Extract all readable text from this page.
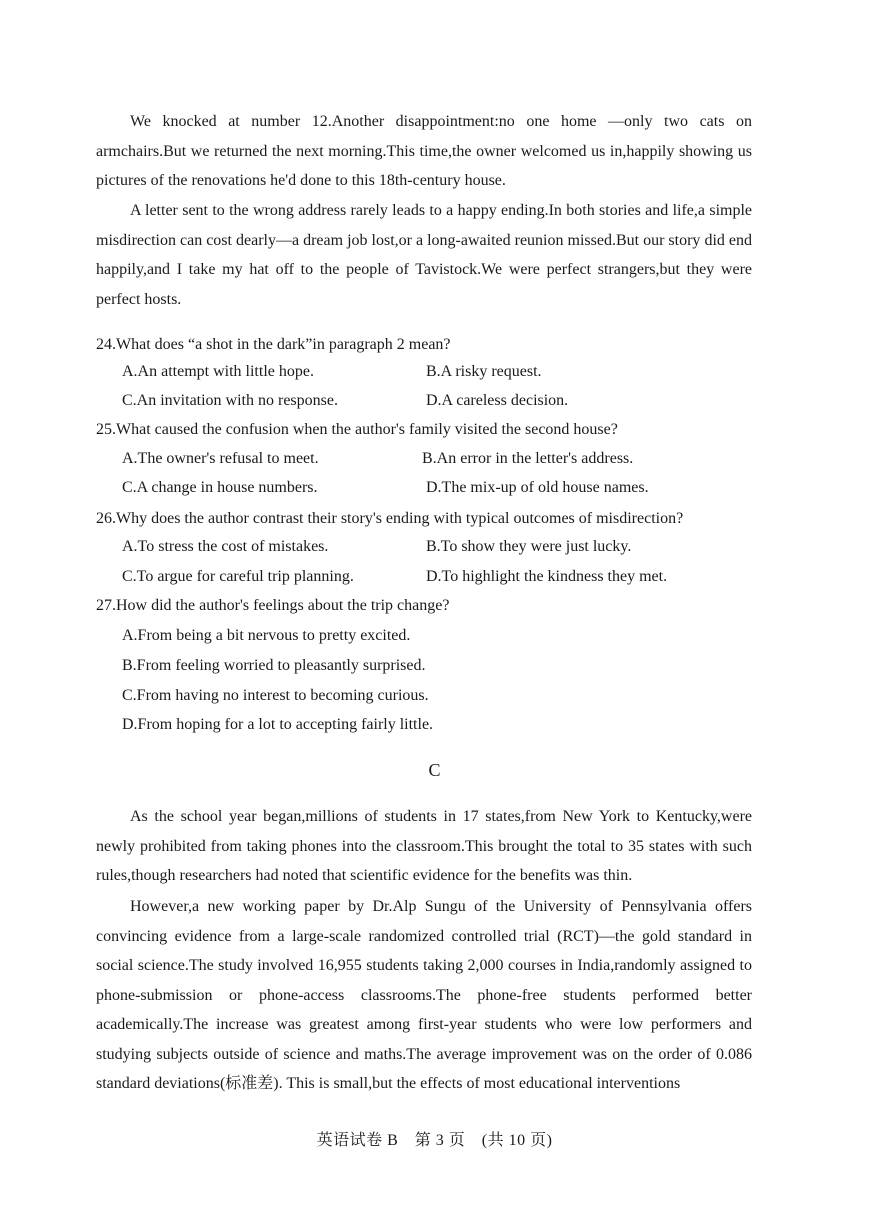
We knocked at number 12.Another disappointment:no one home —only two cats on armchairs.But we returned the next morning.This time,the owner welcomed us in,happily showing us pictures of the renovations he'd done to this 18th-century house.

A letter sent to the wrong address rarely leads to a happy ending.In both stories and life,a simple misdirection can cost dearly—a dream job lost,or a long-awaited reunion missed.But our story did end happily,and I take my hat off to the people of Tavistock.We were perfect strangers,but they were perfect hosts.

24.What does “a shot in the dark”in paragraph 2 mean?

A.An attempt with little hope.	B.A risky request.
C.An invitation with no response.	D.A careless decision.

25.What caused the confusion when the author's family visited the second house?

A.The owner's refusal to meet.	B.An error in the letter's address.
C.A change in house numbers.	D.The mix-up of old house names.

26.Why does the author contrast their story's ending with typical outcomes of misdirection?

A.To stress the cost of mistakes.	B.To show they were just lucky.
C.To argue for careful trip planning.	D.To highlight the kindness they met.

27.How did the author's feelings about the trip change?

A.From being a bit nervous to pretty excited.
B.From feeling worried to pleasantly surprised.
C.From having no interest to becoming curious.
D.From hoping for a lot to accepting fairly little.
C

As the school year began,millions of students in 17 states,from New York to Kentucky,were newly prohibited from taking phones into the classroom.This brought the total to 35 states with such rules,though researchers had noted that scientific evidence for the benefits was thin.

However,a new working paper by Dr.Alp Sungu of the University of Pennsylvania offers convincing evidence from a large-scale randomized controlled trial (RCT)—the gold standard in social science.The study involved 16,955 students taking 2,000 courses in India,randomly assigned to phone-submission or phone-access classrooms.The phone-free students performed better academically.The increase was greatest among first-year students who were low performers and studying subjects outside of science and maths.The average improvement was on the order of 0.086 standard deviations(标准差). This is small,but the effects of most educational interventions

英语试卷 B　第 3 页　(共 10 页)
